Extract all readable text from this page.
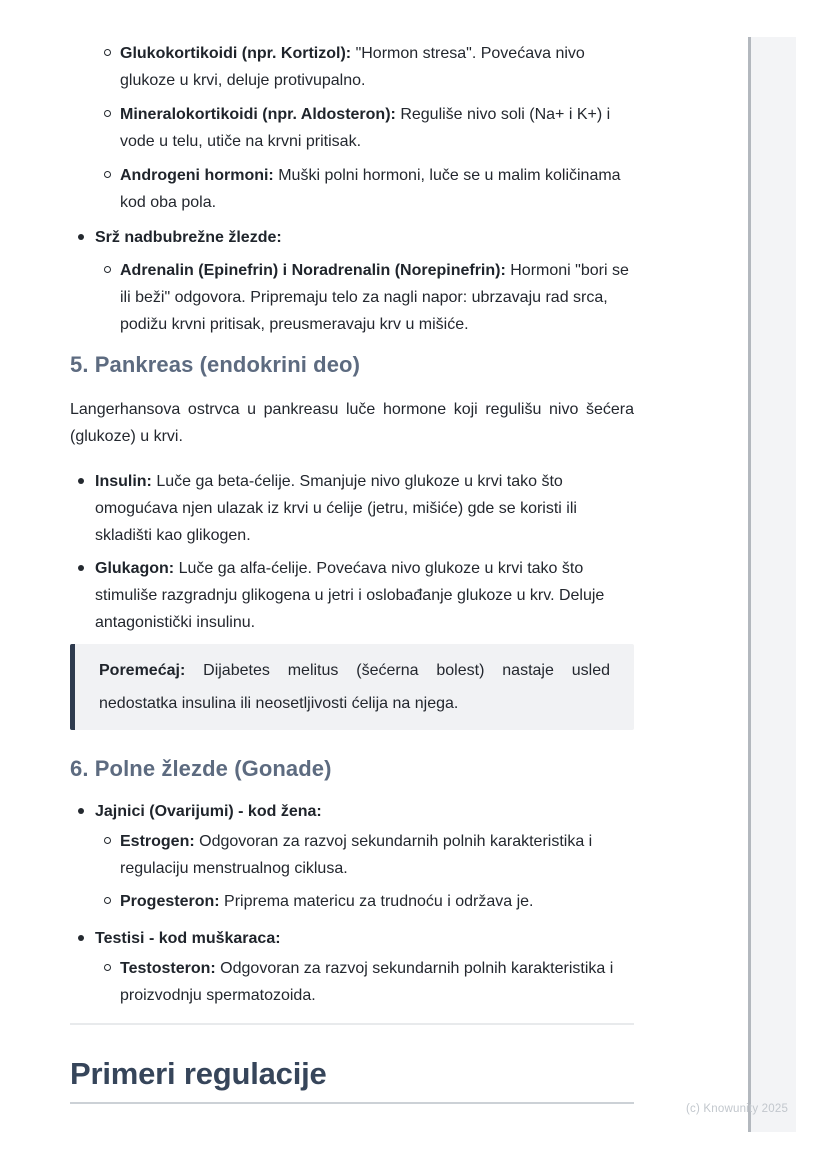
Glukokortikoidi (npr. Kortizol): "Hormon stresa". Povećava nivo glukoze u krvi, deluje protivupalno.
Mineralokortikoidi (npr. Aldosteron): Reguliše nivo soli (Na+ i K+) i vode u telu, utiče na krvni pritisak.
Androgeni hormoni: Muški polni hormoni, luče se u malim količinama kod oba pola.
Srž nadbubrežne žlezde:
Adrenalin (Epinefrin) i Noradrenalin (Norepinefrin): Hormoni "bori se ili beži" odgovora. Pripremaju telo za nagli napor: ubrzavaju rad srca, podižu krvni pritisak, preusmeravaju krv u mišiće.
5. Pankreas (endokrini deo)

Langerhansova ostrvca u pankreasu luče hormone koji regulišu nivo šećera (glukoze) u krvi.

Insulin: Luče ga beta-ćelije. Smanjuje nivo glukoze u krvi tako što omogućava njen ulazak iz krvi u ćelije (jetru, mišiće) gde se koristi ili skladišti kao glikogen.
Glukagon: Luče ga alfa-ćelije. Povećava nivo glukoze u krvi tako što stimuliše razgradnju glikogena u jetri i oslobađanje glukoze u krv. Deluje antagonistički insulinu.

Poremećaj: Dijabetes melitus (šećerna bolest) nastaje usled nedostatka insulina ili neosetljivosti ćelija na njega.

6. Polne žlezde (Gonade)
Jajnici (Ovarijumi) - kod žena:
Estrogen: Odgovoran za razvoj sekundarnih polnih karakteristika i regulaciju menstrualnog ciklusa.
Progesteron: Priprema matericu za trudnoću i održava je.
Testisi - kod muškaraca:
Testosteron: Odgovoran za razvoj sekundarnih polnih karakteristika i proizvodnju spermatozoida.
Primeri regulacije
(c) Knowunity 2025
